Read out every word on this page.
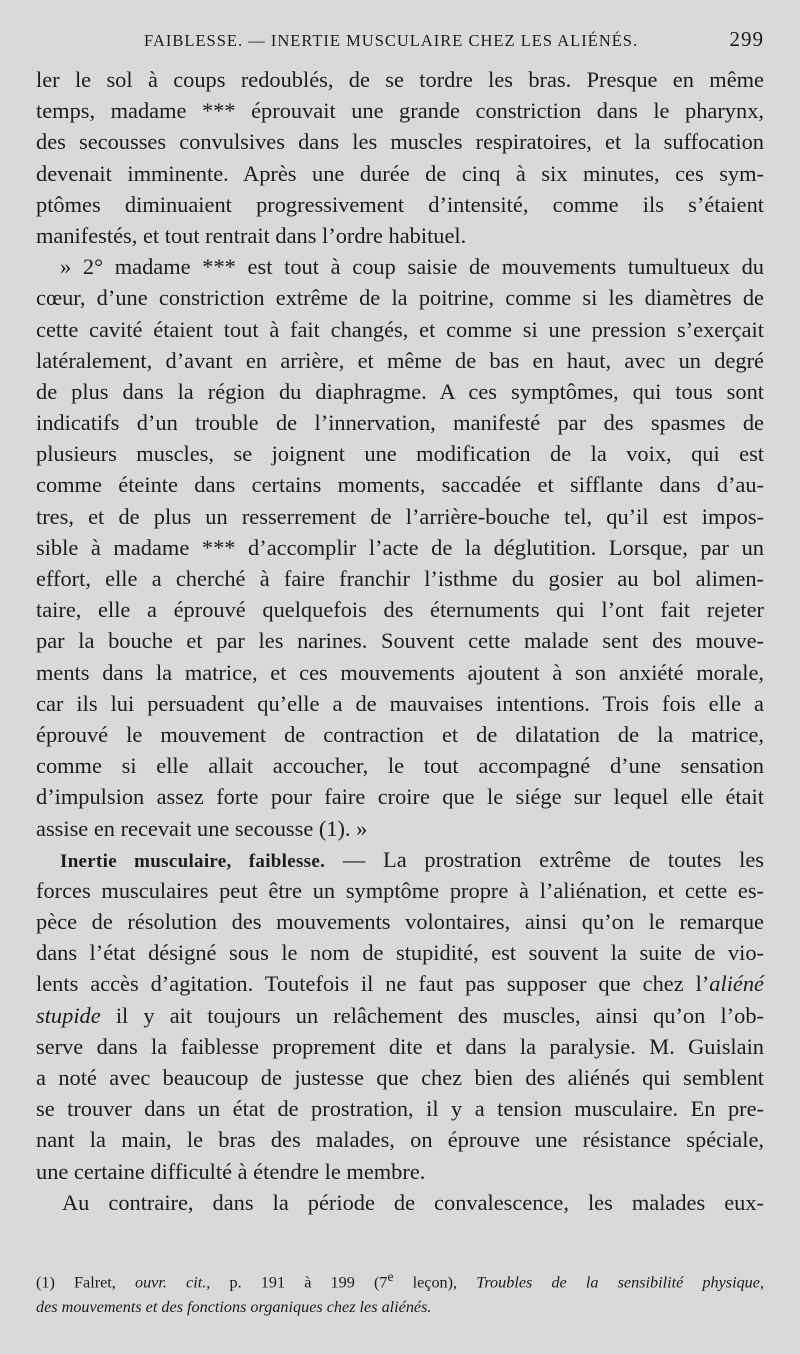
FAIBLESSE. — INERTIE MUSCULAIRE CHEZ LES ALIÉNÉS.	299
ler le sol à coups redoublés, de se tordre les bras. Presque en même
temps, madame *** éprouvait une grande constriction dans le pharynx,
des secousses convulsives dans les muscles respiratoires, et la suffocation
devenait imminente. Après une durée de cinq à six minutes, ces sym-
ptômes diminuaient progressivement d’intensité, comme ils s’étaient
manifestés, et tout rentrait dans l’ordre habituel.
» 2° madame *** est tout à coup saisie de mouvements tumultueux du
cœur, d’une constriction extrême de la poitrine, comme si les diamètres de
cette cavité étaient tout à fait changés, et comme si une pression s’exerçait
latéralement, d’avant en arrière, et même de bas en haut, avec un degré
de plus dans la région du diaphragme. A ces symptômes, qui tous sont
indicatifs d’un trouble de l’innervation, manifesté par des spasmes de
plusieurs muscles, se joignent une modification de la voix, qui est
comme éteinte dans certains moments, saccadée et sifflante dans d’au-
tres, et de plus un resserrement de l’arrière-bouche tel, qu’il est impos-
sible à madame *** d’accomplir l’acte de la déglutition. Lorsque, par un
effort, elle a cherché à faire franchir l’isthme du gosier au bol alimen-
taire, elle a éprouvé quelquefois des éternuments qui l’ont fait rejeter
par la bouche et par les narines. Souvent cette malade sent des mouve-
ments dans la matrice, et ces mouvements ajoutent à son anxiété morale,
car ils lui persuadent qu’elle a de mauvaises intentions. Trois fois elle a
éprouvé le mouvement de contraction et de dilatation de la matrice,
comme si elle allait accoucher, le tout accompagné d’une sensation
d’impulsion assez forte pour faire croire que le siége sur lequel elle était
assise en recevait une secousse (1). »
Inertie musculaire, faiblesse. — La prostration extrême de toutes les
forces musculaires peut être un symptôme propre à l’aliénation, et cette es-
pèce de résolution des mouvements volontaires, ainsi qu’on le remarque
dans l’état désigné sous le nom de stupidité, est souvent la suite de vio-
lents accès d’agitation. Toutefois il ne faut pas supposer que chez l’aliéné
stupide il y ait toujours un relâchement des muscles, ainsi qu’on l’ob-
serve dans la faiblesse proprement dite et dans la paralysie. M. Guislain
a noté avec beaucoup de justesse que chez bien des aliénés qui semblent
se trouver dans un état de prostration, il y a tension musculaire. En pre-
nant la main, le bras des malades, on éprouve une résistance spéciale,
une certaine difficulté à étendre le membre.
Au contraire, dans la période de convalescence, les malades eux-
(1) Falret, ouvr. cit., p. 191 à 199 (7e leçon), Troubles de la sensibilité physique,
des mouvements et des fonctions organiques chez les aliénés.
